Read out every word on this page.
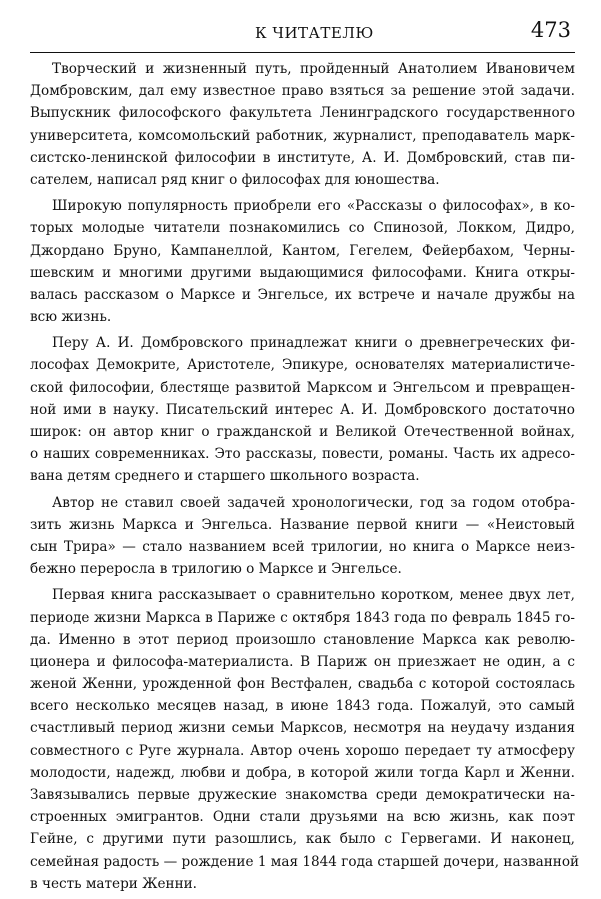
К ЧИТАТЕЛЮ	473
Творческий и жизненный путь, пройденный Анатолием Ивановичем
Домбровским, дал ему известное право взяться за решение этой задачи.
Выпускник философского факультета Ленинградского государственного
университета, комсомольский работник, журналист, преподаватель марк-
систско-ленинской философии в институте, А. И. Домбровский, став пи-
сателем, написал ряд книг о философах для юношества.
Широкую популярность приобрели его «Рассказы о философах», в ко-
торых молодые читатели познакомились со Спинозой, Локком, Дидро,
Джордано Бруно, Кампанеллой, Кантом, Гегелем, Фейербахом, Черны-
шевским и многими другими выдающимися философами. Книга откры-
валась рассказом о Марксе и Энгельсе, их встрече и начале дружбы на
всю жизнь.
Перу А. И. Домбровского принадлежат книги о древнегреческих фи-
лософах Демокрите, Аристотеле, Эпикуре, основателях материалистиче-
ской философии, блестяще развитой Марксом и Энгельсом и превращен-
ной ими в науку. Писательский интерес А. И. Домбровского достаточно
широк: он автор книг о гражданской и Великой Отечественной войнах,
о наших современниках. Это рассказы, повести, романы. Часть их адресо-
вана детям среднего и старшего школьного возраста.
Автор не ставил своей задачей хронологически, год за годом отобра-
зить жизнь Маркса и Энгельса. Название первой книги — «Неистовый
сын Трира» — стало названием всей трилогии, но книга о Марксе неиз-
бежно переросла в трилогию о Марксе и Энгельсе.
Первая книга рассказывает о сравнительно коротком, менее двух лет,
периоде жизни Маркса в Париже с октября 1843 года по февраль 1845 го-
да. Именно в этот период произошло становление Маркса как револю-
ционера и философа-материалиста. В Париж он приезжает не один, а с
женой Женни, урожденной фон Вестфален, свадьба с которой состоялась
всего несколько месяцев назад, в июне 1843 года. Пожалуй, это самый
счастливый период жизни семьи Марксов, несмотря на неудачу издания
совместного с Руге журнала. Автор очень хорошо передает ту атмосферу
молодости, надежд, любви и добра, в которой жили тогда Карл и Женни.
Завязывались первые дружеские знакомства среди демократически на-
строенных эмигрантов. Одни стали друзьями на всю жизнь, как поэт
Гейне, с другими пути разошлись, как было с Гервегами. И наконец,
семейная радость — рождение 1 мая 1844 года старшей дочери, названной
в честь матери Женни.
